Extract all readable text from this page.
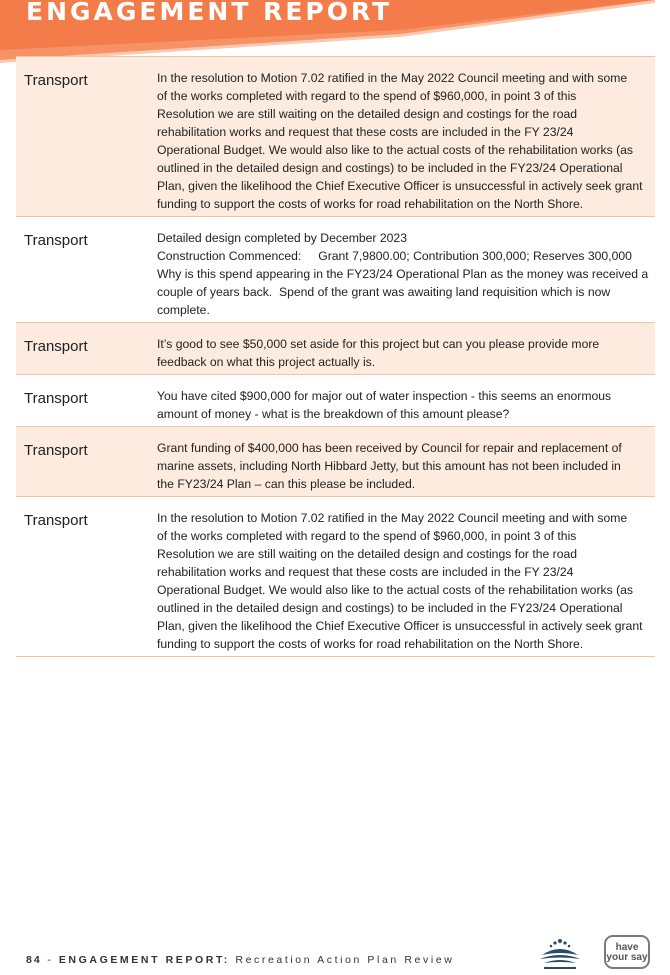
ENGAGEMENT REPORT
Transport	In the resolution to Motion 7.02 ratified in the May 2022 Council meeting and with some
of the works completed with regard to the spend of $960,000, in point 3 of this
Resolution we are still waiting on the detailed design and costings for the road
rehabilitation works and request that these costs are included in the FY 23/24
Operational Budget. We would also like to the actual costs of the rehabilitation works (as
outlined in the detailed design and costings) to be included in the FY23/24 Operational
Plan, given the likelihood the Chief Executive Officer is unsuccessful in actively seek grant
funding to support the costs of works for road rehabilitation on the North Shore.
Transport	Detailed design completed by December 2023
Construction Commenced:     Grant 7,9800.00; Contribution 300,000; Reserves 300,000
Why is this spend appearing in the FY23/24 Operational Plan as the money was received a
couple of years back.  Spend of the grant was awaiting land requisition which is now
complete.
Transport	It’s good to see $50,000 set aside for this project but can you please provide more
feedback on what this project actually is.
Transport	You have cited $900,000 for major out of water inspection - this seems an enormous
amount of money - what is the breakdown of this amount please?
Transport	Grant funding of $400,000 has been received by Council for repair and replacement of
marine assets, including North Hibbard Jetty, but this amount has not been included in
the FY23/24 Plan – can this please be included.
Transport	In the resolution to Motion 7.02 ratified in the May 2022 Council meeting and with some
of the works completed with regard to the spend of $960,000, in point 3 of this
Resolution we are still waiting on the detailed design and costings for the road
rehabilitation works and request that these costs are included in the FY 23/24
Operational Budget. We would also like to the actual costs of the rehabilitation works (as
outlined in the detailed design and costings) to be included in the FY23/24 Operational
Plan, given the likelihood the Chief Executive Officer is unsuccessful in actively seek grant
funding to support the costs of works for road rehabilitation on the North Shore.
84 - ENGAGEMENT REPORT: Recreation Action Plan Review
have
your say
